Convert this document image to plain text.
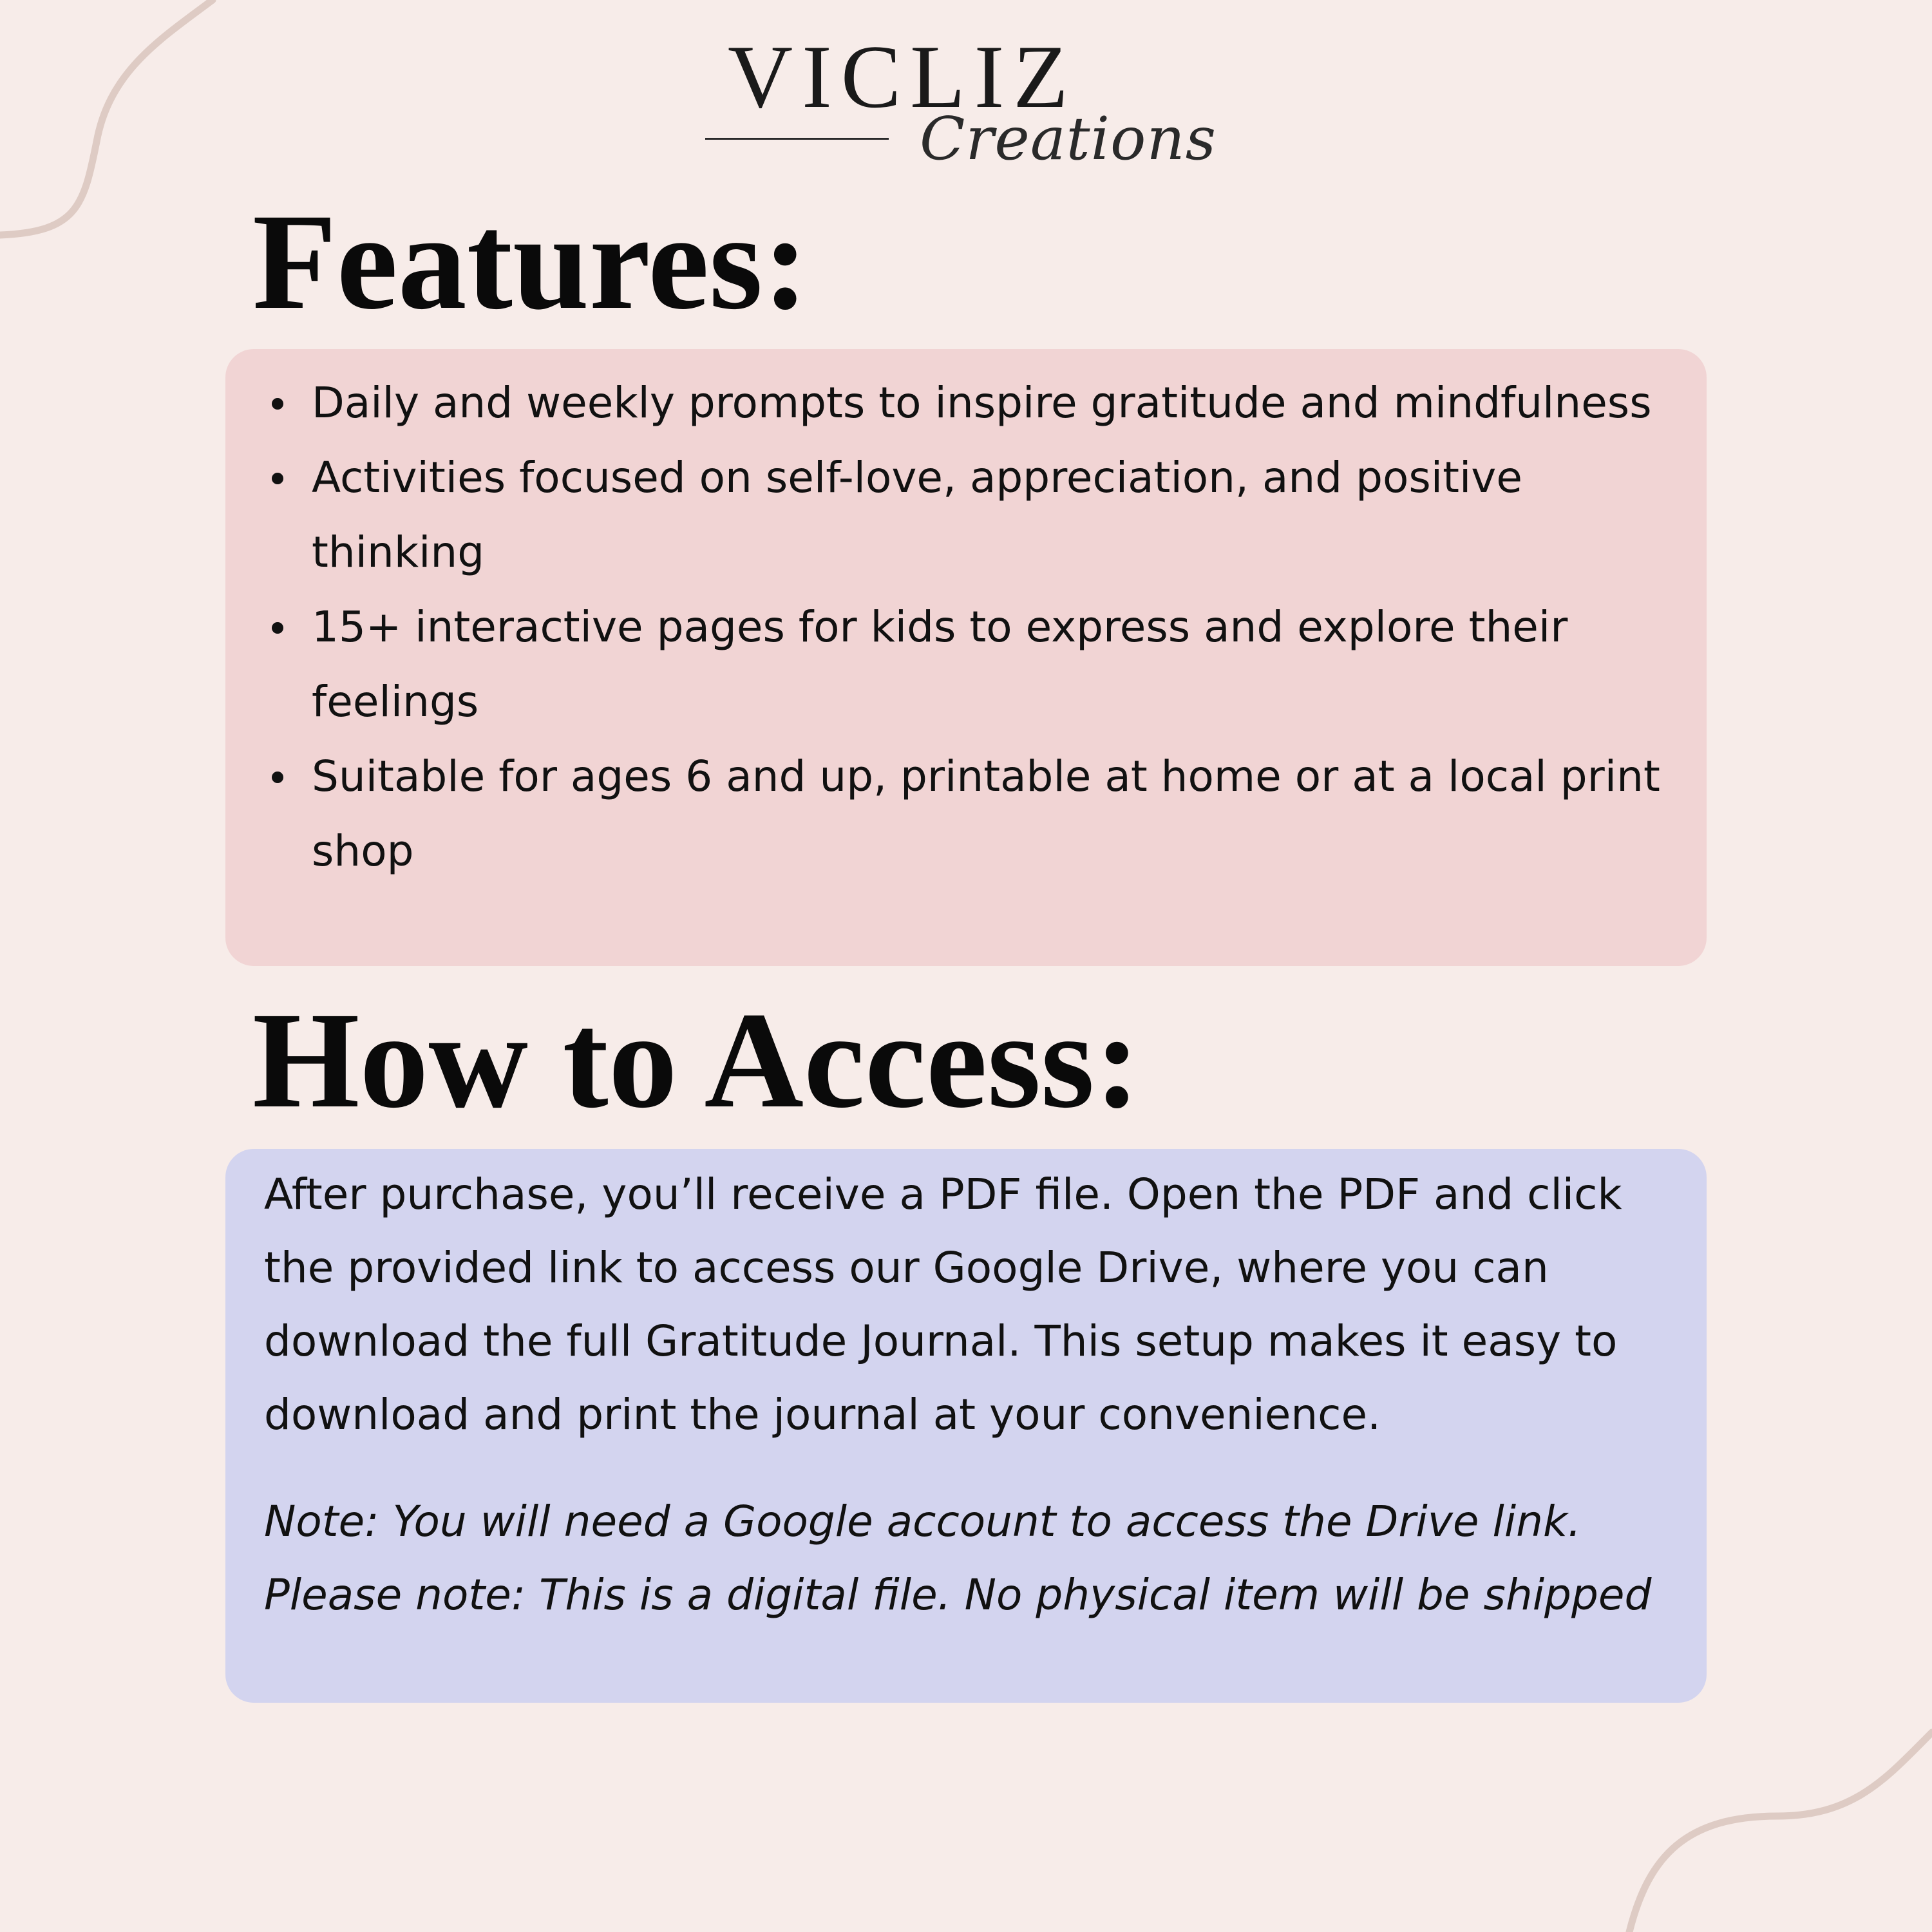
VICLIZ
Creations
Features:
Daily and weekly prompts to inspire gratitude and mindfulness
Activities focused on self-love, appreciation, and positive thinking
15+ interactive pages for kids to express and explore their feelings
Suitable for ages 6 and up, printable at home or at a local print shop
How to Access:

After purchase, you’ll receive a PDF file. Open the PDF and click the provided link to access our Google Drive, where you can download the full Gratitude Journal. This setup makes it easy to download and print the journal at your convenience.

Note: You will need a Google account to access the Drive link. Please note: This is a digital file. No physical item will be shipped
